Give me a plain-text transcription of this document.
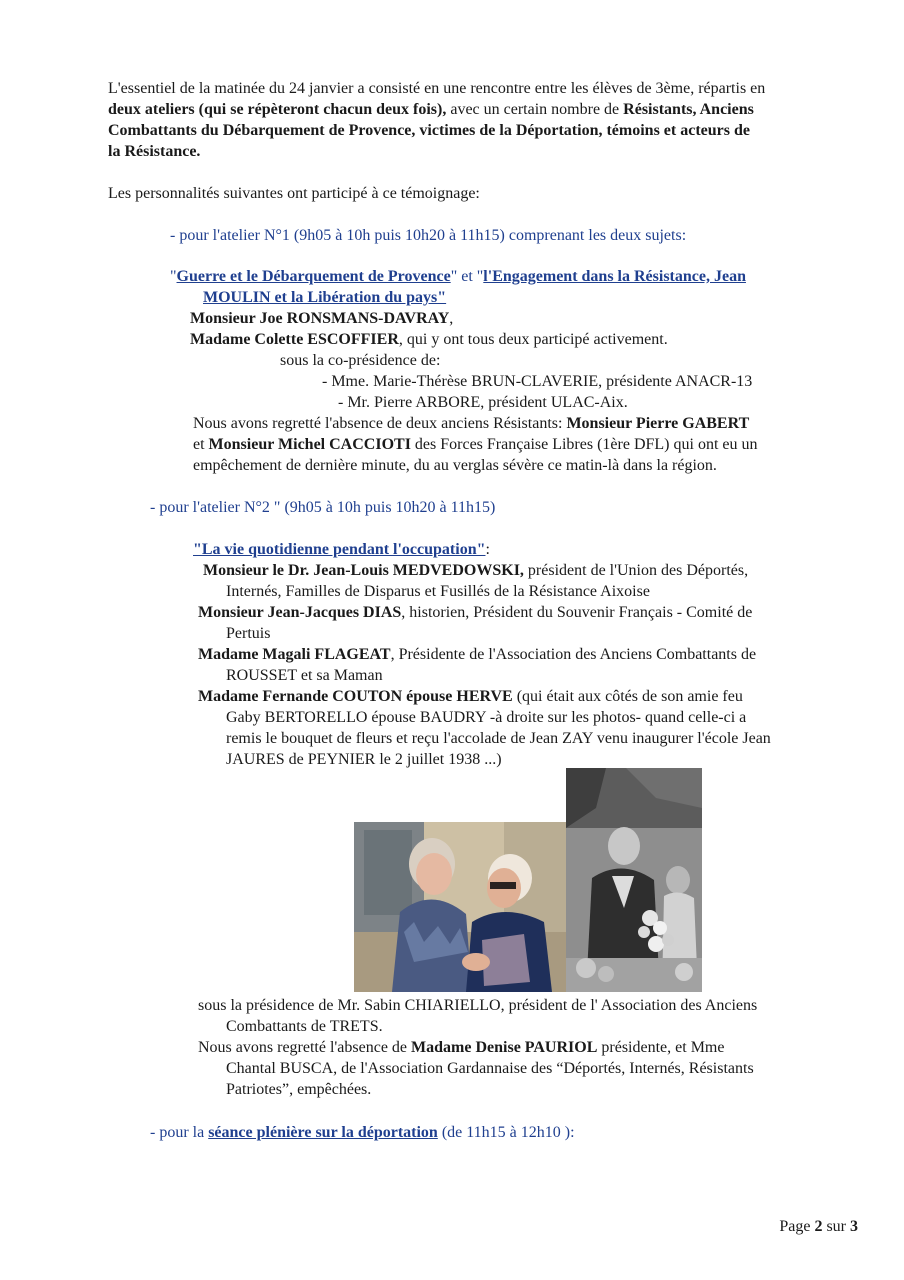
L'essentiel de la matinée du 24 janvier a consisté en une rencontre entre les élèves de 3ème, répartis en
deux ateliers (qui se répèteront chacun deux fois), avec un certain nombre de Résistants, Anciens
Combattants du Débarquement de Provence, victimes de la Déportation, témoins et acteurs de
la Résistance.

Les personnalités suivantes ont participé à ce témoignage:

- pour l'atelier N°1 (9h05 à 10h puis 10h20 à 11h15) comprenant les deux sujets:

"Guerre et le Débarquement de Provence" et "l'Engagement dans la Résistance, Jean

MOULIN et la Libération du pays"

Monsieur Joe RONSMANS-DAVRAY,

Madame Colette ESCOFFIER, qui y ont tous deux participé activement.

sous la co-présidence de:

- Mme. Marie-Thérèse BRUN-CLAVERIE, présidente ANACR-13

- Mr. Pierre ARBORE, président ULAC-Aix.

Nous avons regretté l'absence de deux anciens Résistants: Monsieur Pierre GABERT
et Monsieur Michel CACCIOTI des Forces Française Libres (1ère DFL) qui ont eu un
empêchement de dernière minute, du au verglas sévère ce matin-là dans la région.

- pour l'atelier N°2 " (9h05 à 10h puis 10h20 à 11h15)

"La vie quotidienne pendant l'occupation":

Monsieur le Dr. Jean-Louis MEDVEDOWSKI, président de l'Union des Déportés,
Internés, Familles de Disparus et Fusillés de la Résistance Aixoise

Monsieur Jean-Jacques DIAS, historien, Président du Souvenir Français - Comité de
Pertuis

Madame Magali FLAGEAT, Présidente de l'Association des Anciens Combattants de
ROUSSET et sa Maman

Madame Fernande COUTON épouse HERVE (qui était aux côtés de son amie feu
Gaby BERTORELLO épouse BAUDRY -à droite sur les photos- quand celle-ci a
remis le bouquet de fleurs et reçu l'accolade de Jean ZAY venu inaugurer l'école Jean
JAURES de PEYNIER le 2 juillet 1938 ...)

sous la présidence de Mr. Sabin CHIARIELLO, président de l' Association des Anciens
Combattants de TRETS.

Nous avons regretté l'absence de Madame Denise PAURIOL présidente, et Mme
Chantal BUSCA, de l'Association Gardannaise des “Déportés, Internés, Résistants
Patriotes”, empêchées.

- pour la séance plénière sur la déportation (de 11h15 à 12h10 ):

Page 2 sur 3
